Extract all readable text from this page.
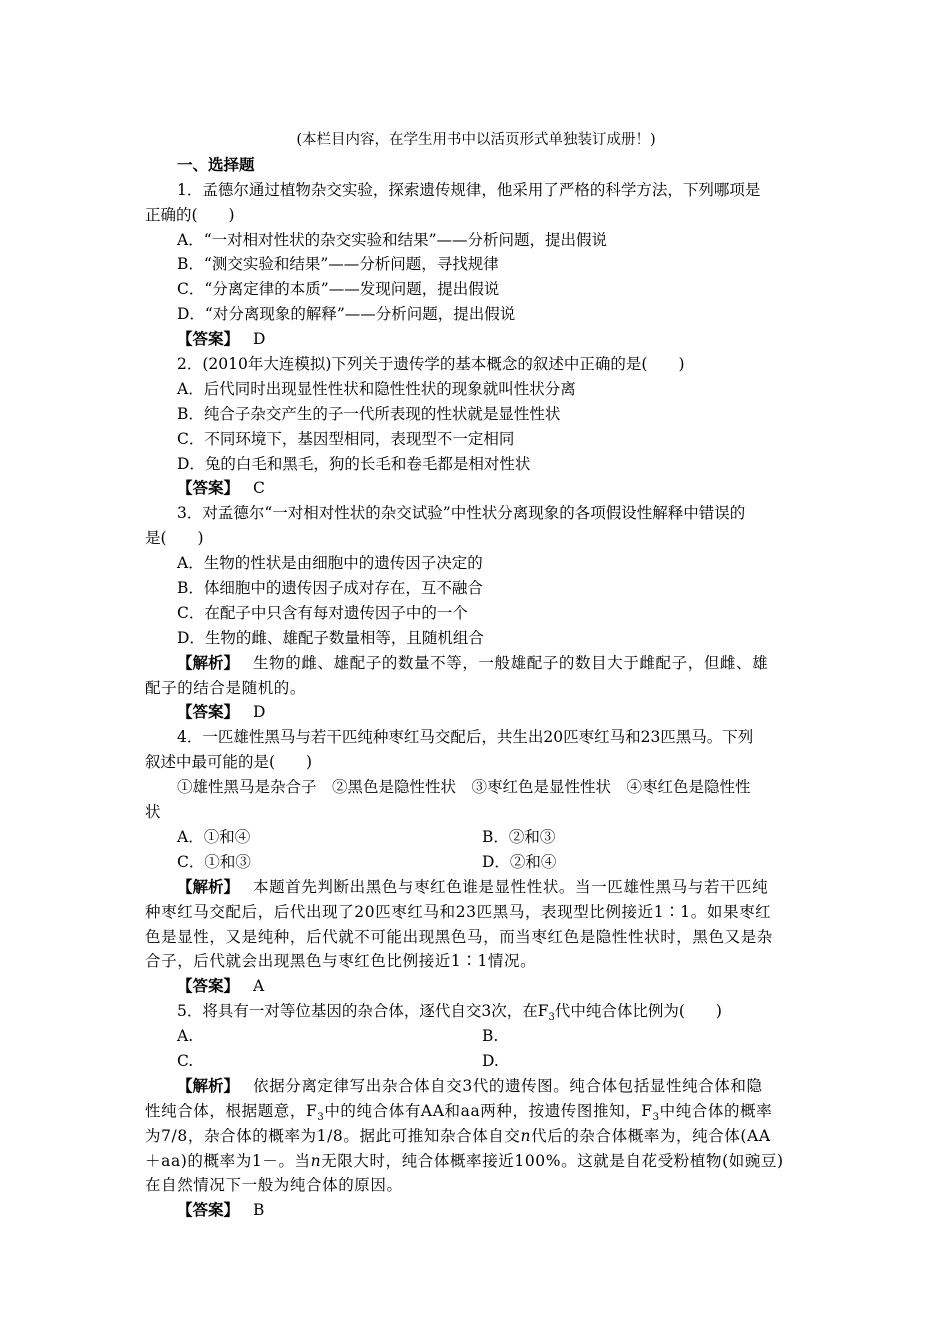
(本栏目内容，在学生用书中以活页形式单独装订成册！)
一、选择题
1．孟德尔通过植物杂交实验，探索遗传规律，他采用了严格的科学方法，下列哪项是
正确的(　　)
A．“一对相对性状的杂交实验和结果”——分析问题，提出假说
B．“测交实验和结果”——分析问题，寻找规律
C．“分离定律的本质”——发现问题，提出假说
D．“对分离现象的解释”——分析问题，提出假说
【答案】 D
2．(2010年大连模拟)下列关于遗传学的基本概念的叙述中正确的是(　　)
A．后代同时出现显性性状和隐性性状的现象就叫性状分离
B．纯合子杂交产生的子一代所表现的性状就是显性性状
C．不同环境下，基因型相同，表现型不一定相同
D．兔的白毛和黑毛，狗的长毛和卷毛都是相对性状
【答案】 C
3．对孟德尔“一对相对性状的杂交试验”中性状分离现象的各项假设性解释中错误的
是(　　)
A．生物的性状是由细胞中的遗传因子决定的
B．体细胞中的遗传因子成对存在，互不融合
C．在配子中只含有每对遗传因子中的一个
D．生物的雌、雄配子数量相等，且随机组合
【解析】 生物的雌、雄配子的数量不等，一般雄配子的数目大于雌配子，但雌、雄
配子的结合是随机的。
【答案】 D
4．一匹雄性黑马与若干匹纯种枣红马交配后，共生出20匹枣红马和23匹黑马。下列
叙述中最可能的是(　　)
①雄性黑马是杂合子　②黑色是隐性性状　③枣红色是显性性状　④枣红色是隐性性
状
A．①和④	B．②和③
C．①和③	D．②和④
【解析】 本题首先判断出黑色与枣红色谁是显性性状。当一匹雄性黑马与若干匹纯
种枣红马交配后，后代出现了20匹枣红马和23匹黑马，表现型比例接近1∶1。如果枣红
色是显性，又是纯种，后代就不可能出现黑色马，而当枣红色是隐性性状时，黑色又是杂
合子，后代就会出现黑色与枣红色比例接近1∶1情况。
【答案】 A
5．将具有一对等位基因的杂合体，逐代自交3次，在$F_3$代中纯合体比例为(　　)
A.	B.
C.	D.
【解析】 依据分离定律写出杂合体自交3代的遗传图。纯合体包括显性纯合体和隐
性纯合体，根据题意，$F_3$中的纯合体有AA和aa两种，按遗传图推知，$F_3$中纯合体的概率
为7/8，杂合体的概率为1/8。据此可推知杂合体自交n代后的杂合体概率为，纯合体(AA
＋aa)的概率为1－。当n无限大时，纯合体概率接近100%。这就是自花受粉植物(如豌豆)
在自然情况下一般为纯合体的原因。
【答案】 B
